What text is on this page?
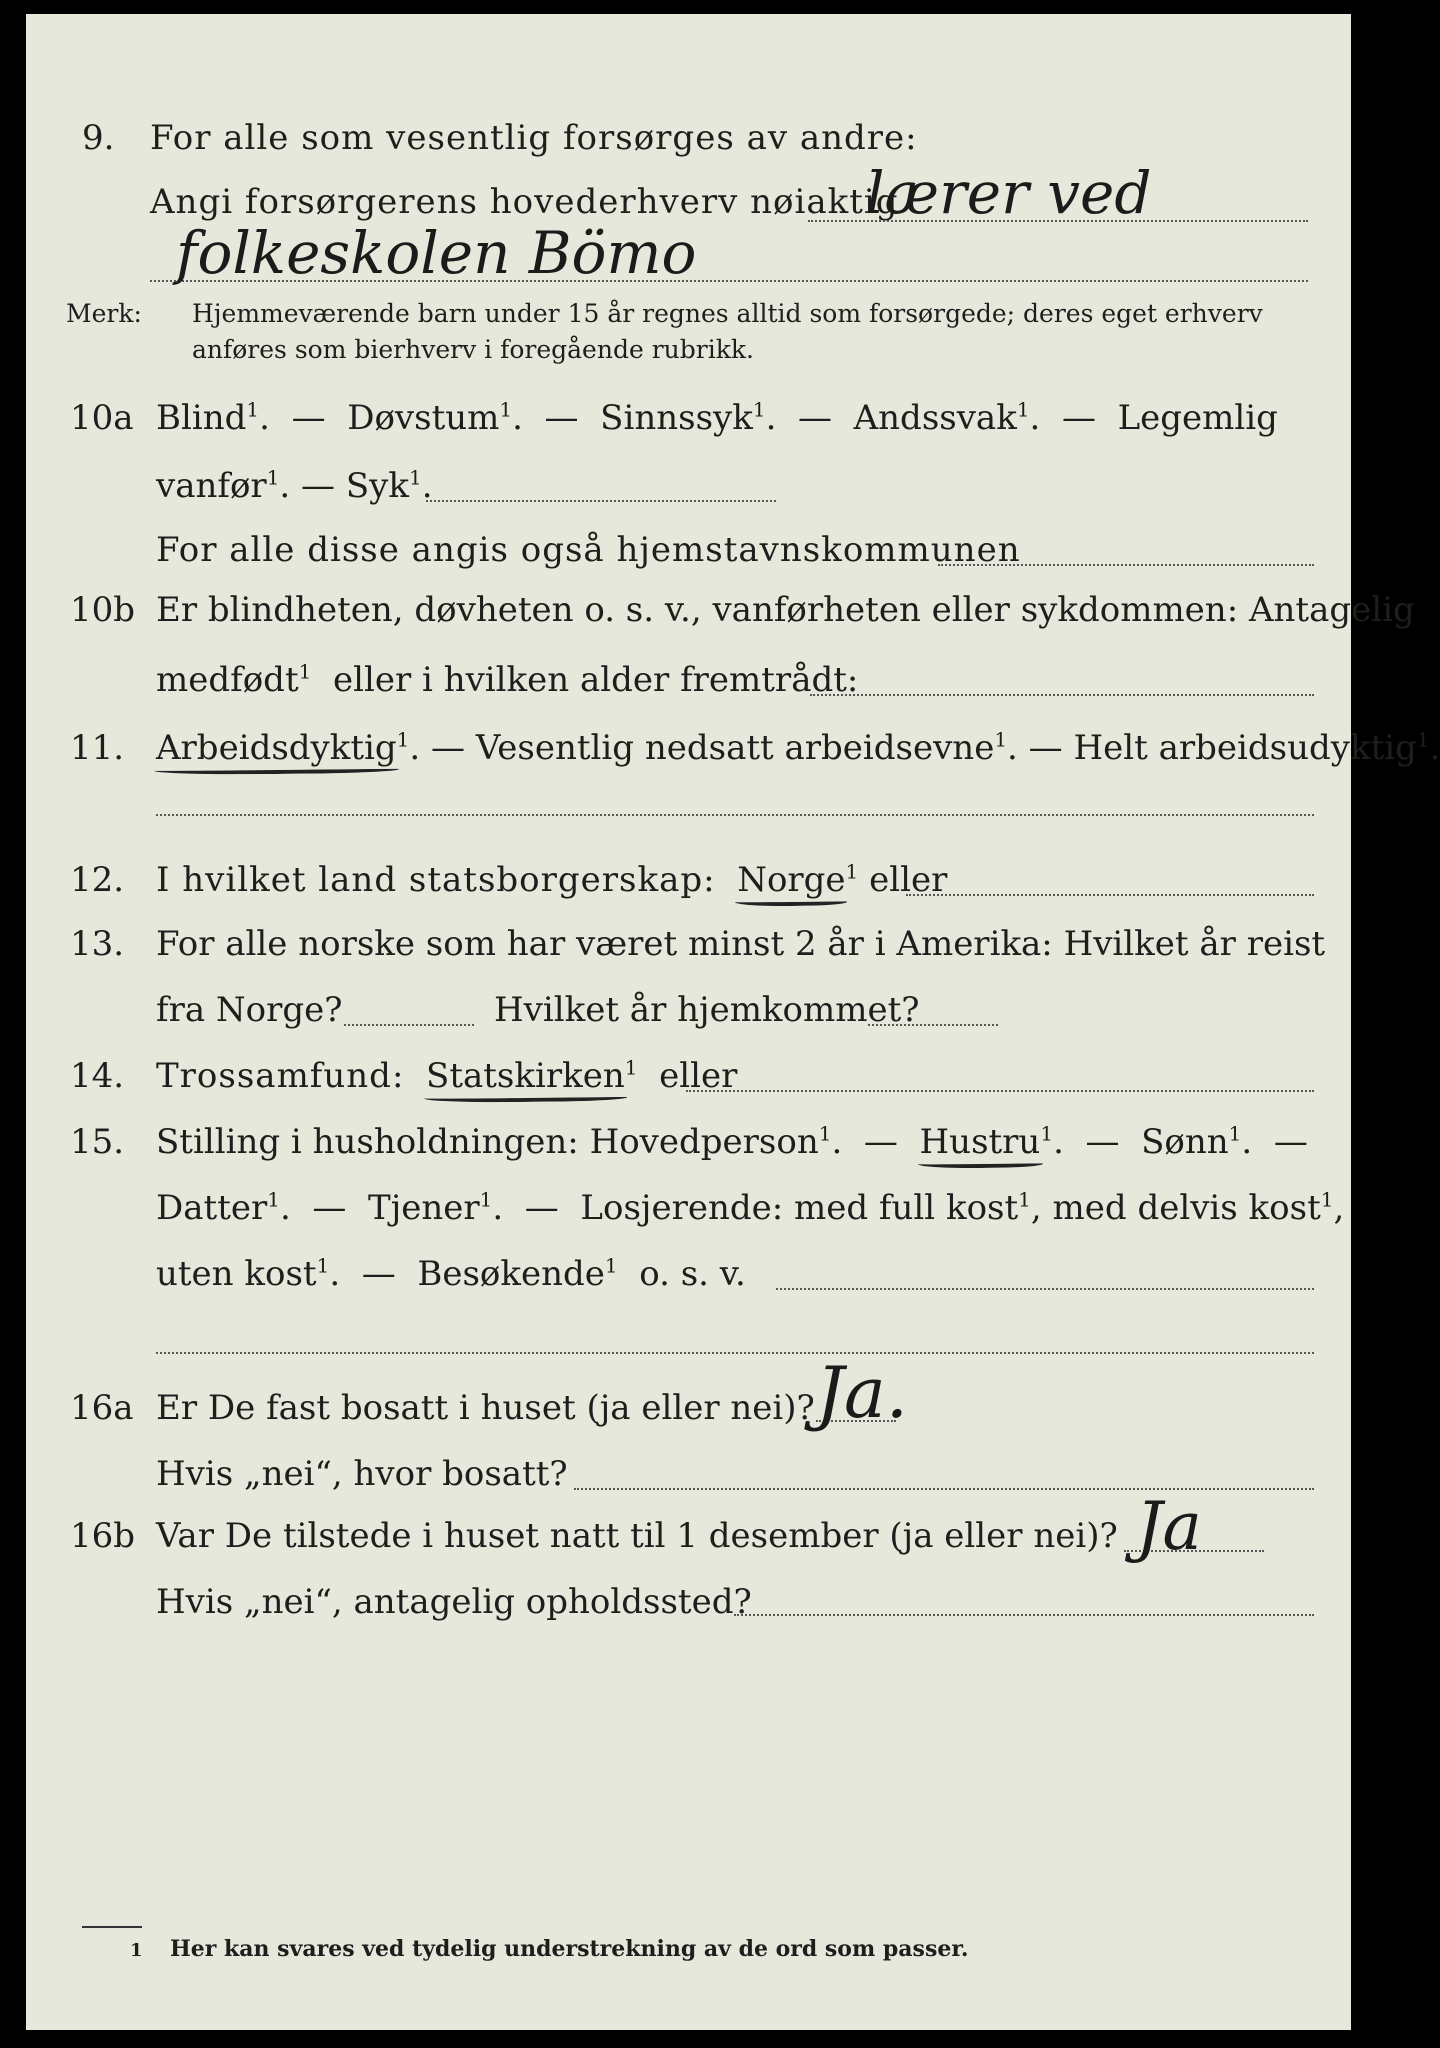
9. For alle som vesentlig forsørges av andre:
Angi forsørgerens hovederhverv nøiaktig
lærer ved
folkeskolen Bömo
Merk: Hjemmeværende barn under 15 år regnes alltid som forsørgede; deres eget erhverv
anføres som bierhverv i foregående rubrikk.
10a Blind$^1$.  —  Døvstum$^1$.  —  Sinnssyk$^1$.  —  Andssvak$^1$.  —  Legemlig
vanfør$^1$. — Syk$^1$.
For alle disse angis også hjemstavnskommunen
10b Er blindheten, døvheten o. s. v., vanførheten eller sykdommen: Antagelig
medfødt$^1$ eller i hvilken alder fremtrådt:
11. Arbeidsdyktig$^1$. — Vesentlig nedsatt arbeidsevne$^1$. — Helt arbeidsudyktig$^1$.
12. I hvilket land statsborgerskap: Norge$^1$ eller
13. For alle norske som har været minst 2 år i Amerika: Hvilket år reist
fra Norge?	Hvilket år hjemkommet?
14. Trossamfund: Statskirken$^1$ eller
15. Stilling i husholdningen: Hovedperson$^1$.  —  Hustru$^1$.  —  Sønn$^1$.  —
Datter$^1$.  —  Tjener$^1$.  —  Losjerende: med full kost$^1$, med delvis kost$^1$,
uten kost$^1$.  —  Besøkende$^1$ o. s. v.
16a Er De fast bosatt i huset (ja eller nei)? Ja.
Hvis „nei“, hvor bosatt?
16b Var De tilstede i huset natt til 1 desember (ja eller nei)? Ja
Hvis „nei“, antagelig opholdssted?
1 Her kan svares ved tydelig understrekning av de ord som passer.
